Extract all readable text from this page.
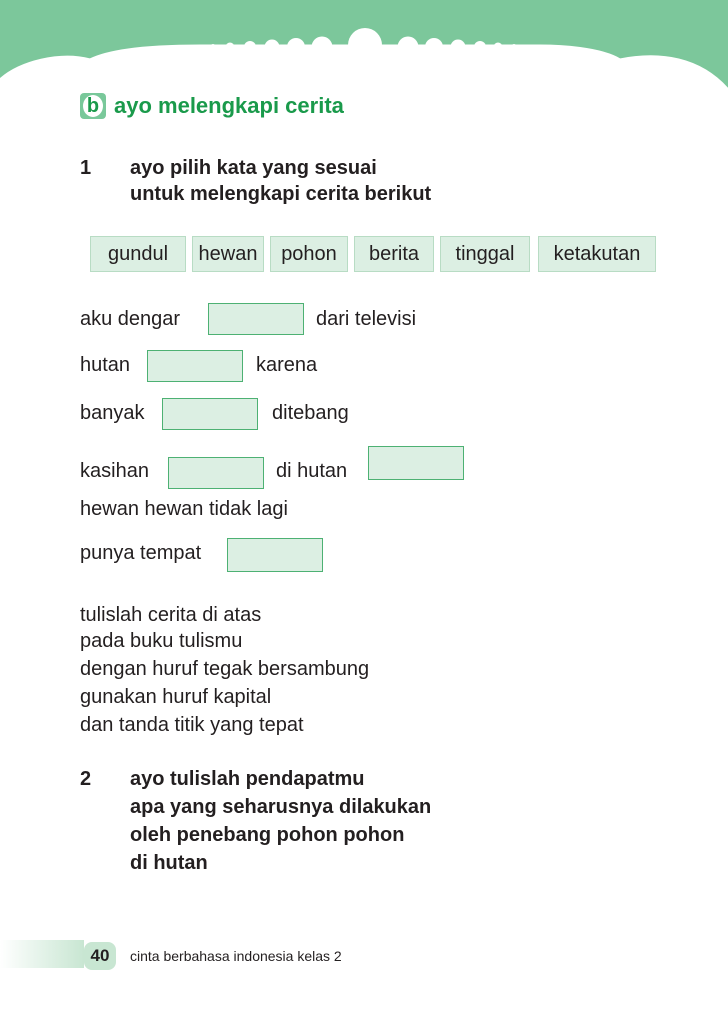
b ayo melengkapi cerita
1 ayo pilih kata yang sesuai
untuk melengkapi cerita berikut
gundul	hewan	pohon	berita	tinggal	ketakutan
aku dengar	dari televisi
hutan	karena
banyak	ditebang
kasihan	di hutan
hewan hewan tidak lagi
punya tempat
tulislah cerita di atas
pada buku tulismu
dengan huruf tegak bersambung
gunakan huruf kapital
dan tanda titik yang tepat
2 ayo tulislah pendapatmu
apa yang seharusnya dilakukan
oleh penebang pohon pohon
di hutan
40	cinta berbahasa indonesia kelas 2
